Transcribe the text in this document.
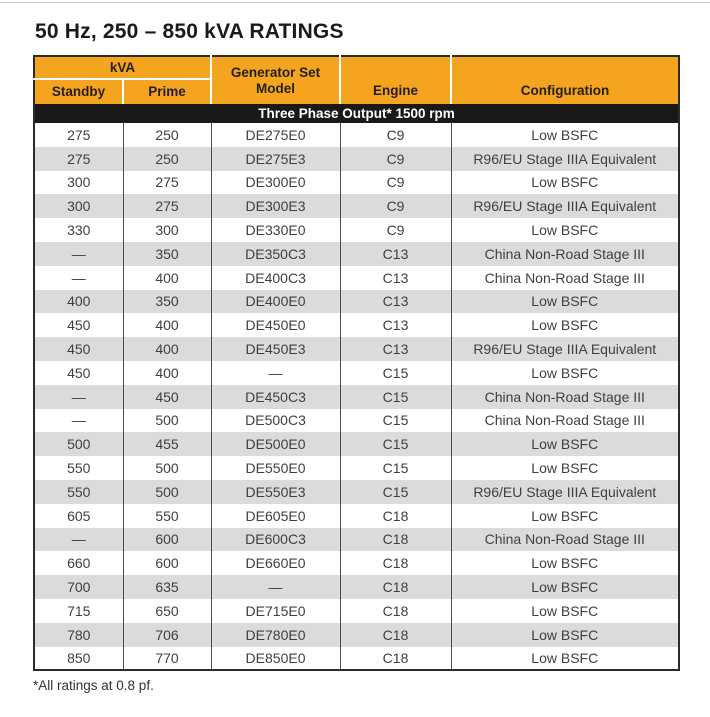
50 Hz, 250 – 850 kVA RATINGS
kVA		Generator Set Model	Engine	Configuration
Standby	Prime			
Three Phase Output* 1500 rpm				
275	250	DE275E0	C9	Low BSFC
275	250	DE275E3	C9	R96/EU Stage IIIA Equivalent
300	275	DE300E0	C9	Low BSFC
300	275	DE300E3	C9	R96/EU Stage IIIA Equivalent
330	300	DE330E0	C9	Low BSFC
—	350	DE350C3	C13	China Non-Road Stage III
—	400	DE400C3	C13	China Non-Road Stage III
400	350	DE400E0	C13	Low BSFC
450	400	DE450E0	C13	Low BSFC
450	400	DE450E3	C13	R96/EU Stage IIIA Equivalent
450	400	—	C15	Low BSFC
—	450	DE450C3	C15	China Non-Road Stage III
—	500	DE500C3	C15	China Non-Road Stage III
500	455	DE500E0	C15	Low BSFC
550	500	DE550E0	C15	Low BSFC
550	500	DE550E3	C15	R96/EU Stage IIIA Equivalent
605	550	DE605E0	C18	Low BSFC
—	600	DE600C3	C18	China Non-Road Stage III
660	600	DE660E0	C18	Low BSFC
700	635	—	C18	Low BSFC
715	650	DE715E0	C18	Low BSFC
780	706	DE780E0	C18	Low BSFC
850	770	DE850E0	C18	Low BSFC
*All ratings at 0.8 pf.
